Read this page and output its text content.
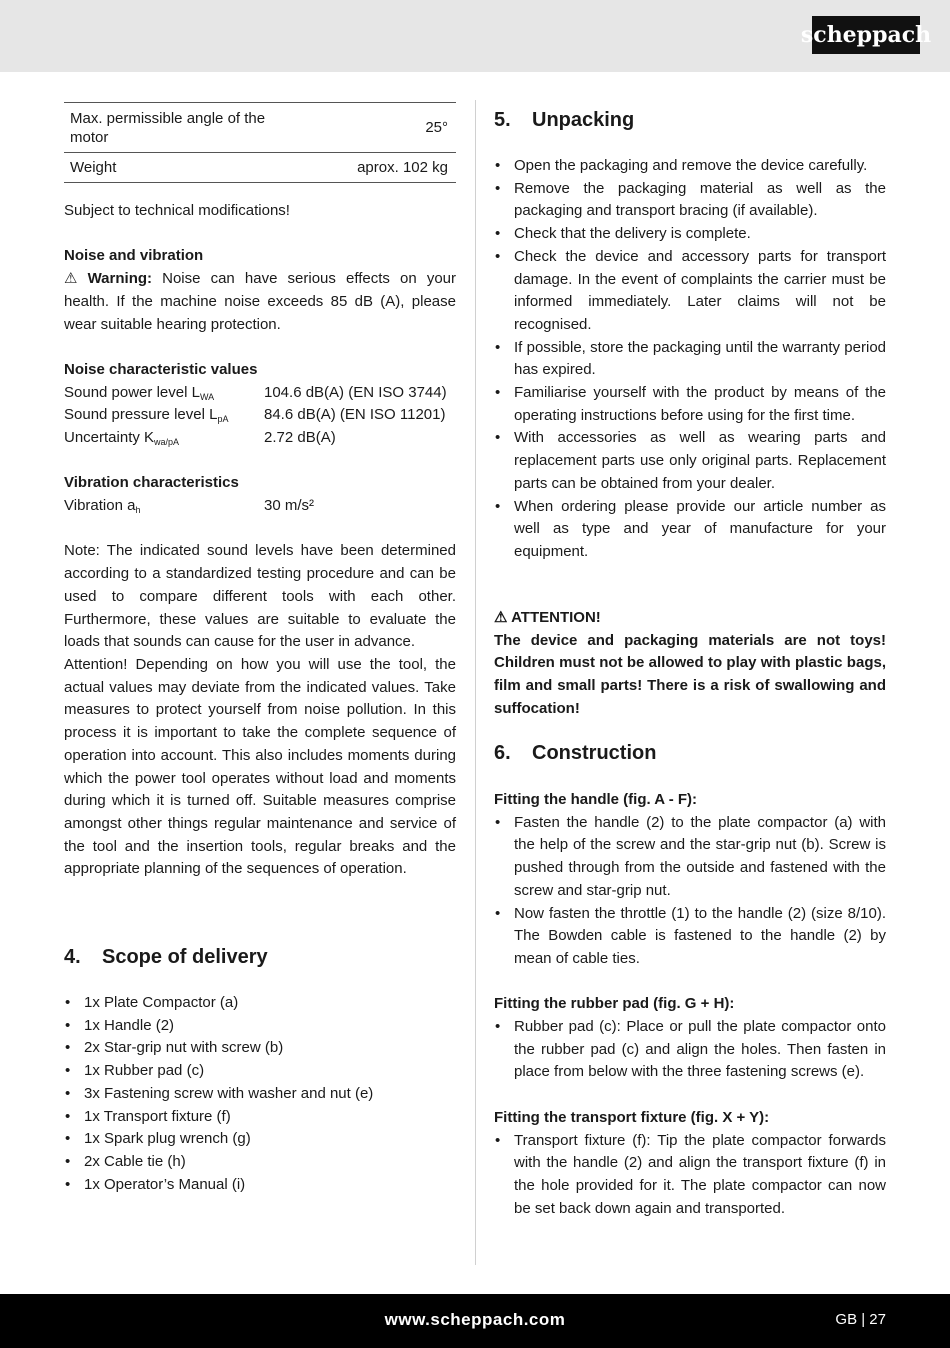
scheppach
Max. permissible angle of the motor	25°
Weight	aprox. 102 kg

Subject to technical modifications!

Noise and vibration

⚠ Warning: Noise can have serious effects on your health. If the machine noise exceeds 85 dB (A), please wear suitable hearing protection.

Noise characteristic values

Sound power level $L_{WA}$	104.6 dB(A) (EN ISO 3744)
Sound pressure level $L_{pA}$	84.6 dB(A) (EN ISO 11201)
Uncertainty $K_{wa/pA}$	2.72 dB(A)

Vibration characteristics

Vibration $a_h$	30 m/s²

Note: The indicated sound levels have been determined according to a standardized testing procedure and can be used to compare different tools with each other. Furthermore, these values are suitable to evaluate the loads that sounds can cause for the user in advance.

Attention! Depending on how you will use the tool, the actual values may deviate from the indicated values. Take measures to protect yourself from noise pollution. In this process it is important to take the complete sequence of operation into account. This also includes moments during which the power tool operates without load and moments during which it is turned off. Suitable measures comprise amongst other things regular maintenance and service of the tool and the insertion tools, regular breaks and the appropriate planning of the sequences of operation.

4. Scope of delivery
• 1x Plate Compactor (a)
• 1x Handle (2)
• 2x Star-grip nut with screw (b)
• 1x Rubber pad (c)
• 3x Fastening screw with washer and nut (e)
• 1x Transport fixture (f)
• 1x Spark plug wrench (g)
• 2x Cable tie (h)
• 1x Operator’s Manual (i)
5. Unpacking
• Open the packaging and remove the device carefully.
• Remove the packaging material as well as the packaging and transport bracing (if available).
• Check that the delivery is complete.
• Check the device and accessory parts for transport damage. In the event of complaints the carrier must be informed immediately. Later claims will not be recognised.
• If possible, store the packaging until the warranty period has expired.
• Familiarise yourself with the product by means of the operating instructions before using for the first time.
• With accessories as well as wearing parts and replacement parts use only original parts. Replacement parts can be obtained from your dealer.
• When ordering please provide our article number as well as type and year of manufacture for your equipment.

⚠ ATTENTION!

The device and packaging materials are not toys! Children must not be allowed to play with plastic bags, film and small parts! There is a risk of swallowing and suffocation!

6. Construction

Fitting the handle (fig. A - F):

• Fasten the handle (2) to the plate compactor (a) with the help of the screw and the star-grip nut (b). Screw is pushed through from the outside and fastened with the screw and star-grip nut.
• Now fasten the throttle (1) to the handle (2) (size 8/10). The Bowden cable is fastened to the handle (2) by mean of cable ties.

Fitting the rubber pad (fig. G + H):

• Rubber pad (c): Place or pull the plate compactor onto the rubber pad (c) and align the holes. Then fasten in place from below with the three fastening screws (e).

Fitting the transport fixture (fig. X + Y):

• Transport fixture (f): Tip the plate compactor forwards with the handle (2) and align the transport fixture (f) in the hole provided for it. The plate compactor can now be set back down again and transported.
www.scheppach.com	GB | 27
